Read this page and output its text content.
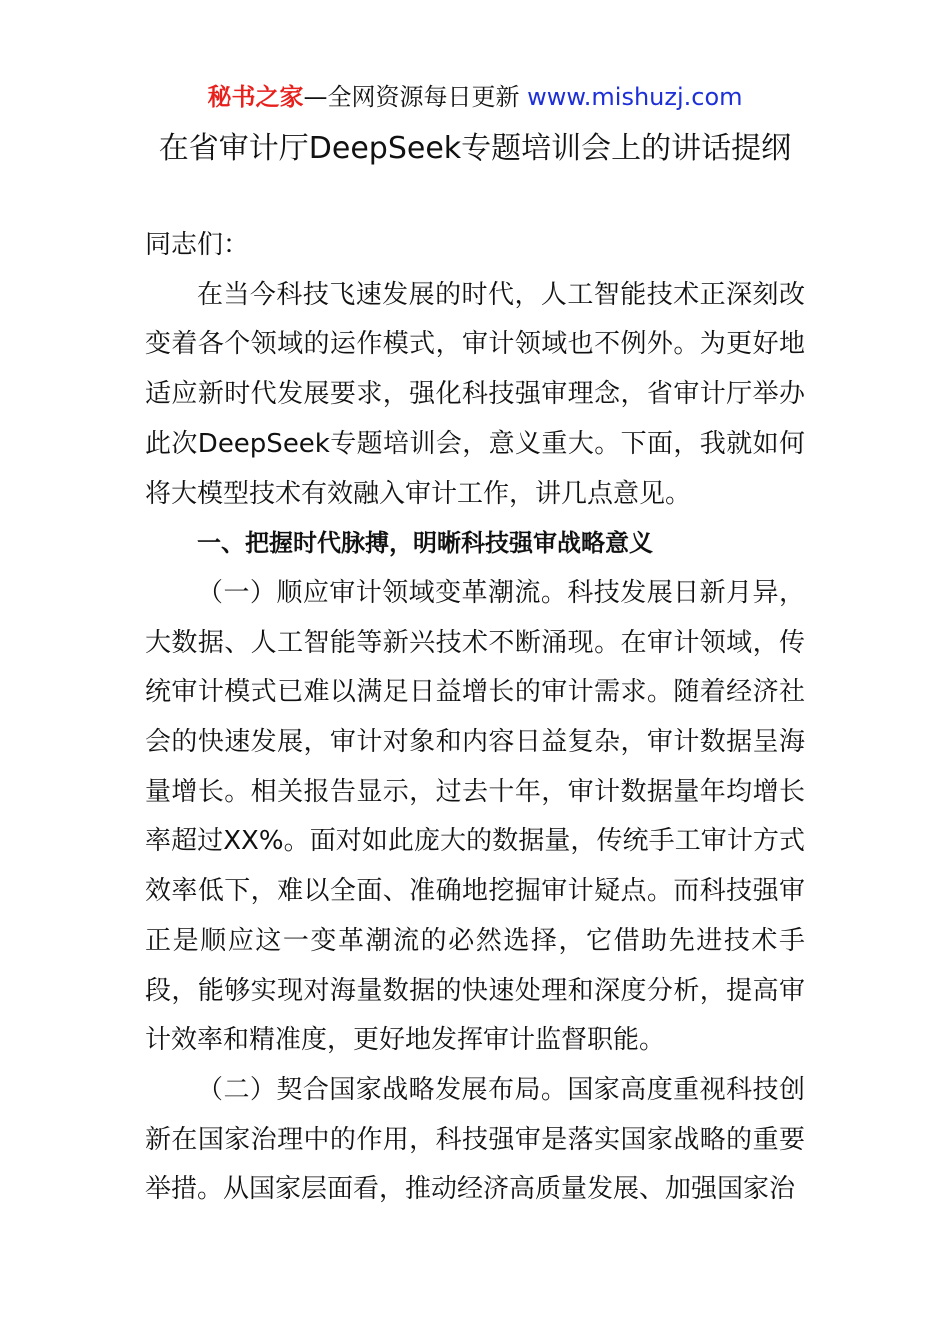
秘书之家—全网资源每日更新 www.mishuzj.com
在省审计厅DeepSeek专题培训会上的讲话提纲

同志们：

在当今科技飞速发展的时代，人工智能技术正深刻改变着各个领域的运作模式，审计领域也不例外。为更好地适应新时代发展要求，强化科技强审理念，省审计厅举办此次DeepSeek专题培训会，意义重大。下面，我就如何将大模型技术有效融入审计工作，讲几点意见。

一、把握时代脉搏，明晰科技强审战略意义

（一）顺应审计领域变革潮流。科技发展日新月异，大数据、人工智能等新兴技术不断涌现。在审计领域，传统审计模式已难以满足日益增长的审计需求。随着经济社会的快速发展，审计对象和内容日益复杂，审计数据呈海量增长。相关报告显示，过去十年，审计数据量年均增长率超过XX%。面对如此庞大的数据量，传统手工审计方式效率低下，难以全面、准确地挖掘审计疑点。而科技强审正是顺应这一变革潮流的必然选择，它借助先进技术手段，能够实现对海量数据的快速处理和深度分析，提高审计效率和精准度，更好地发挥审计监督职能。

（二）契合国家战略发展布局。国家高度重视科技创新在国家治理中的作用，科技强审是落实国家战略的重要举措。从国家层面看，推动经济高质量发展、加强国家治
